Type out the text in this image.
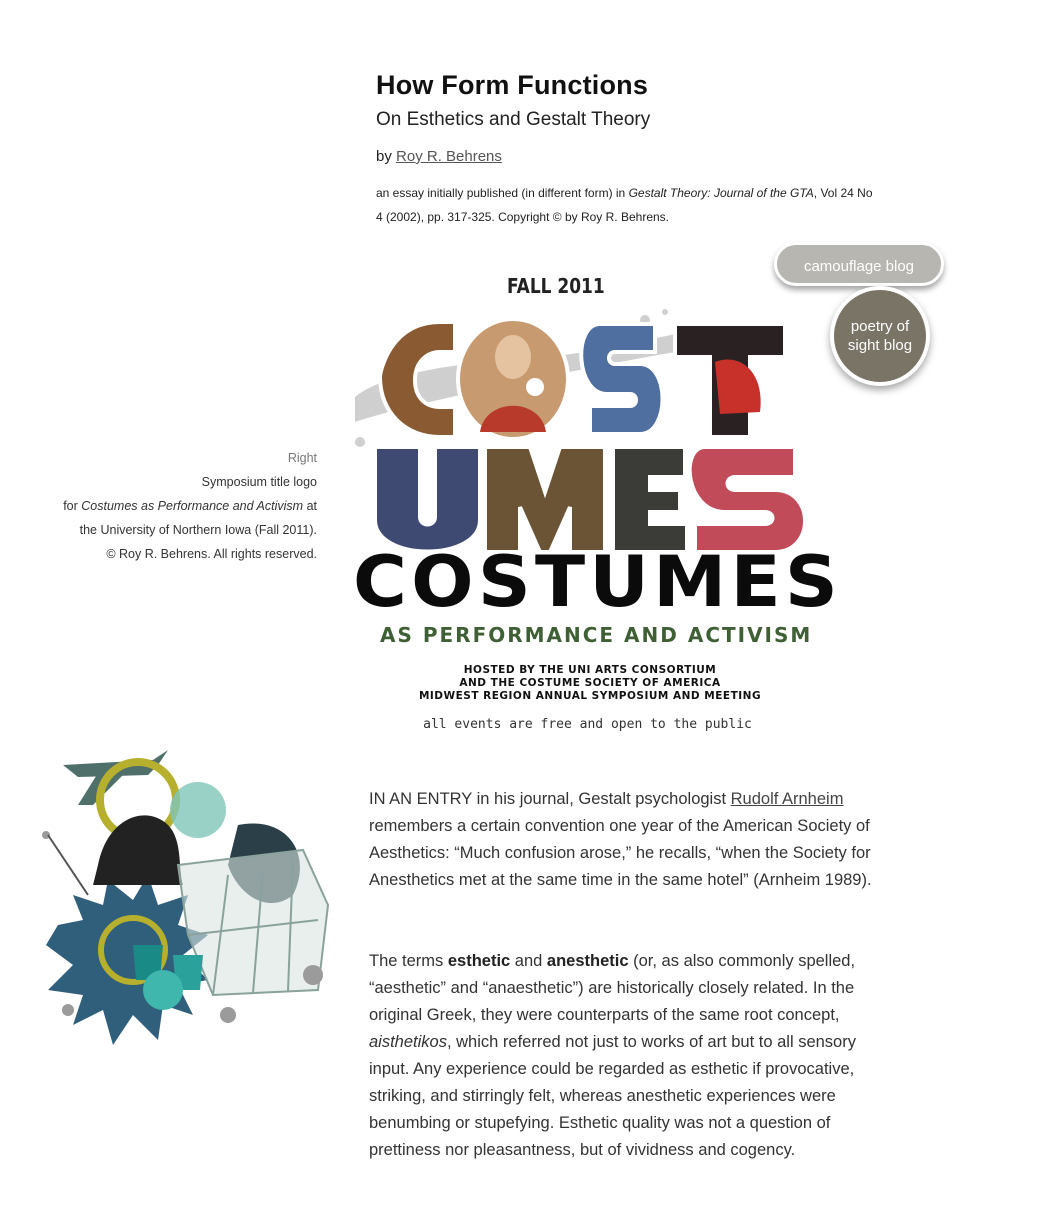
How Form Functions
On Esthetics and Gestalt Theory
by Roy R. Behrens
an essay initially published (in different form) in Gestalt Theory: Journal of the GTA, Vol 24 No 4 (2002), pp. 317-325. Copyright © by Roy R. Behrens.
camouflage blog
poetry of sight blog
FALL 2011
COSTUMES
AS PERFORMANCE AND ACTIVISM
HOSTED BY THE UNI ARTS CONSORTIUM
AND THE COSTUME SOCIETY OF AMERICA
MIDWEST REGION ANNUAL SYMPOSIUM AND MEETING
all events are free and open to the public
Right
Symposium title logo
for Costumes as Performance and Activism at
the University of Northern Iowa (Fall 2011).
© Roy R. Behrens. All rights reserved.
IN AN ENTRY in his journal, Gestalt psychologist Rudolf Arnheim remembers a certain convention one year of the American Society of Aesthetics: “Much confusion arose,” he recalls, “when the Society for Anesthetics met at the same time in the same hotel” (Arnheim 1989).
The terms esthetic and anesthetic (or, as also commonly spelled, “aesthetic” and “anaesthetic”) are historically closely related. In the original Greek, they were counterparts of the same root concept, aisthetikos, which referred not just to works of art but to all sensory input. Any experience could be regarded as esthetic if provocative, striking, and stirringly felt, whereas anesthetic experiences were benumbing or stupefying. Esthetic quality was not a question of prettiness nor pleasantness, but of vividness and cogency.
